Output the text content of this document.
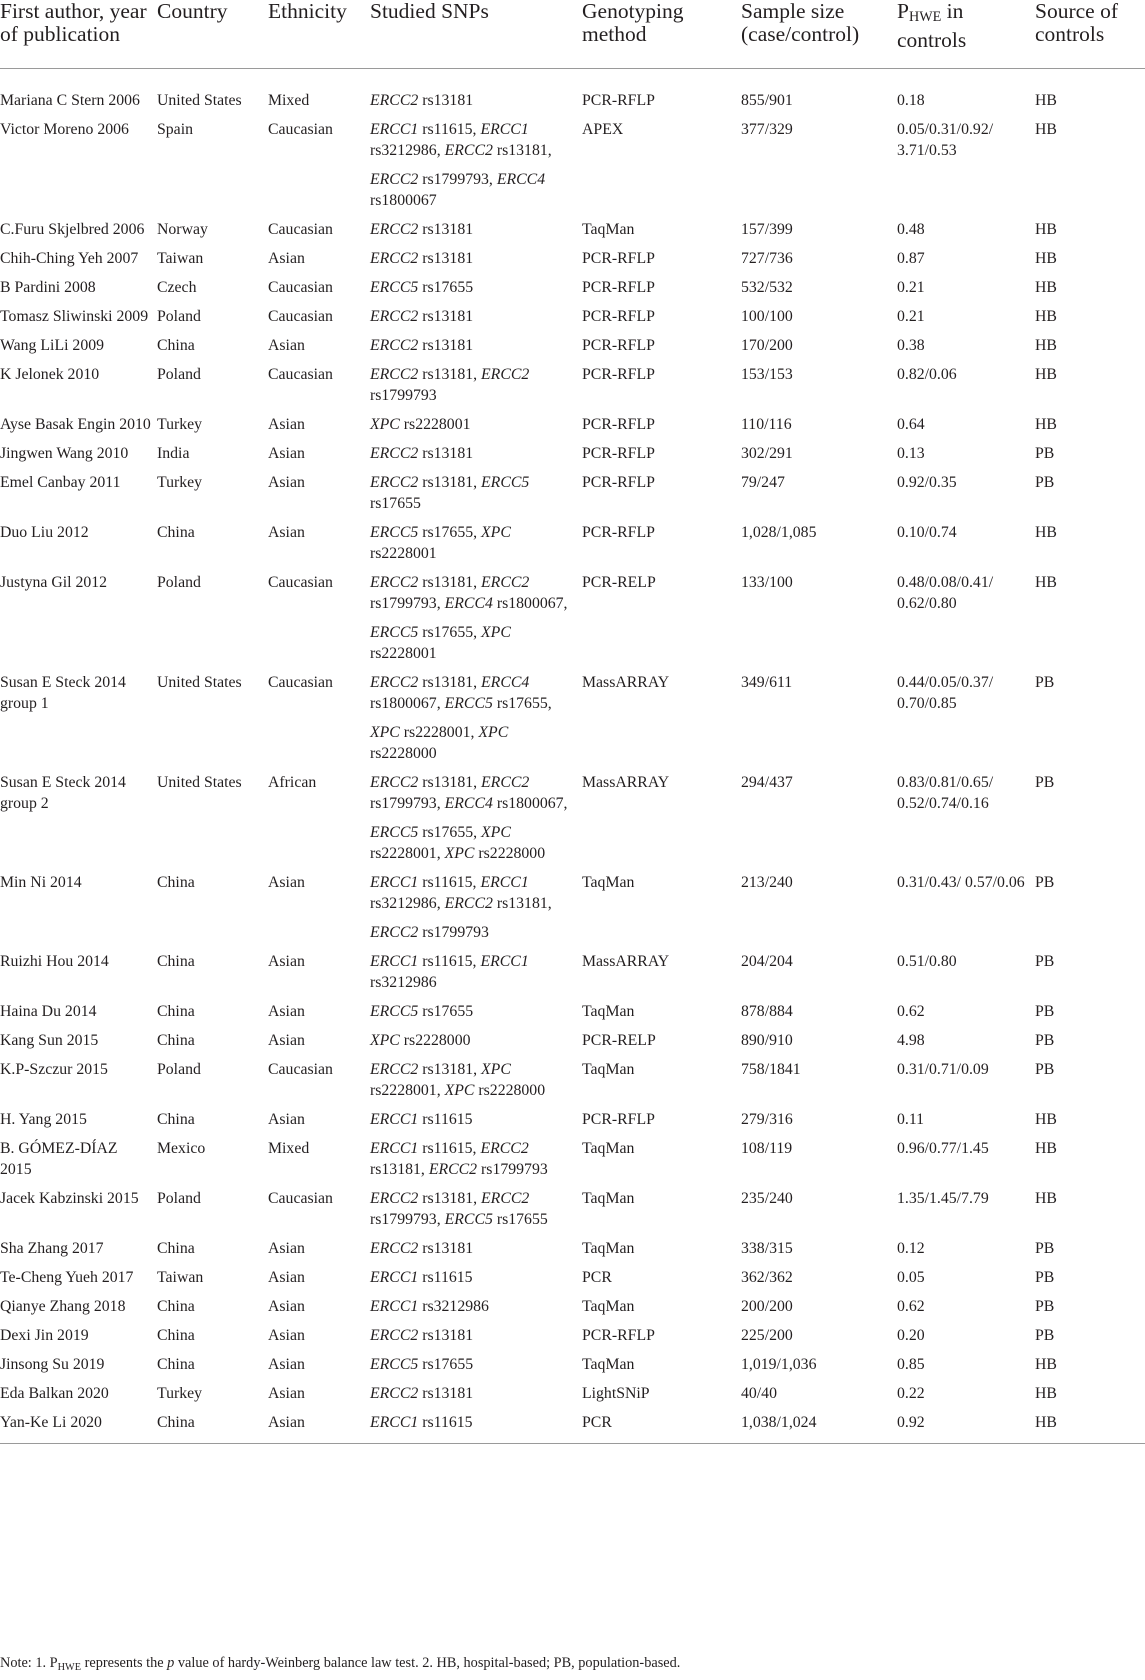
First author, year of publication	Country	Ethnicity	Studied SNPs	Genotyping method	Sample size (case/control)	$P_{HWE}$ in controls	Source of controls
Mariana C Stern 2006	United States	Mixed	ERCC2 rs13181	PCR-RFLP	855/901	0.18	HB
Victor Moreno 2006	Spain	Caucasian	ERCC1 rs11615, ERCC1 rs3212986, ERCC2 rs13181,
ERCC2 rs1799793, ERCC4 rs1800067	APEX	377/329	0.05/0.31/0.92/ 3.71/0.53	HB
C.Furu Skjelbred 2006	Norway	Caucasian	ERCC2 rs13181	TaqMan	157/399	0.48	HB
Chih-Ching Yeh 2007	Taiwan	Asian	ERCC2 rs13181	PCR-RFLP	727/736	0.87	HB
B Pardini 2008	Czech	Caucasian	ERCC5 rs17655	PCR-RFLP	532/532	0.21	HB
Tomasz Sliwinski 2009	Poland	Caucasian	ERCC2 rs13181	PCR-RFLP	100/100	0.21	HB
Wang LiLi 2009	China	Asian	ERCC2 rs13181	PCR-RFLP	170/200	0.38	HB
K Jelonek 2010	Poland	Caucasian	ERCC2 rs13181, ERCC2 rs1799793	PCR-RFLP	153/153	0.82/0.06	HB
Ayse Basak Engin 2010	Turkey	Asian	XPC rs2228001	PCR-RFLP	110/116	0.64	HB
Jingwen Wang 2010	India	Asian	ERCC2 rs13181	PCR-RFLP	302/291	0.13	PB
Emel Canbay 2011	Turkey	Asian	ERCC2 rs13181, ERCC5 rs17655	PCR-RFLP	79/247	0.92/0.35	PB
Duo Liu 2012	China	Asian	ERCC5 rs17655, XPC rs2228001	PCR-RFLP	1,028/1,085	0.10/0.74	HB
Justyna Gil 2012	Poland	Caucasian	ERCC2 rs13181, ERCC2 rs1799793, ERCC4 rs1800067,
ERCC5 rs17655, XPC rs2228001	PCR-RELP	133/100	0.48/0.08/0.41/ 0.62/0.80	HB
Susan E Steck 2014 group 1	United States	Caucasian	ERCC2 rs13181, ERCC4 rs1800067, ERCC5 rs17655,
XPC rs2228001, XPC rs2228000	MassARRAY	349/611	0.44/0.05/0.37/ 0.70/0.85	PB
Susan E Steck 2014 group 2	United States	African	ERCC2 rs13181, ERCC2 rs1799793, ERCC4 rs1800067,
ERCC5 rs17655, XPC rs2228001, XPC rs2228000	MassARRAY	294/437	0.83/0.81/0.65/ 0.52/0.74/0.16	PB
Min Ni 2014	China	Asian	ERCC1 rs11615, ERCC1 rs3212986, ERCC2 rs13181,
ERCC2 rs1799793	TaqMan	213/240	0.31/0.43/ 0.57/0.06	PB
Ruizhi Hou 2014	China	Asian	ERCC1 rs11615, ERCC1 rs3212986	MassARRAY	204/204	0.51/0.80	PB
Haina Du 2014	China	Asian	ERCC5 rs17655	TaqMan	878/884	0.62	PB
Kang Sun 2015	China	Asian	XPC rs2228000	PCR-RELP	890/910	4.98	PB
K.P-Szczur 2015	Poland	Caucasian	ERCC2 rs13181, XPC rs2228001, XPC rs2228000	TaqMan	758/1841	0.31/0.71/0.09	PB
H. Yang 2015	China	Asian	ERCC1 rs11615	PCR-RFLP	279/316	0.11	HB
B. GÓMEZ-DÍAZ 2015	Mexico	Mixed	ERCC1 rs11615, ERCC2 rs13181, ERCC2 rs1799793	TaqMan	108/119	0.96/0.77/1.45	HB
Jacek Kabzinski 2015	Poland	Caucasian	ERCC2 rs13181, ERCC2 rs1799793, ERCC5 rs17655	TaqMan	235/240	1.35/1.45/7.79	HB
Sha Zhang 2017	China	Asian	ERCC2 rs13181	TaqMan	338/315	0.12	PB
Te-Cheng Yueh 2017	Taiwan	Asian	ERCC1 rs11615	PCR	362/362	0.05	PB
Qianye Zhang 2018	China	Asian	ERCC1 rs3212986	TaqMan	200/200	0.62	PB
Dexi Jin 2019	China	Asian	ERCC2 rs13181	PCR-RFLP	225/200	0.20	PB
Jinsong Su 2019	China	Asian	ERCC5 rs17655	TaqMan	1,019/1,036	0.85	HB
Eda Balkan 2020	Turkey	Asian	ERCC2 rs13181	LightSNiP	40/40	0.22	HB
Yan-Ke Li 2020	China	Asian	ERCC1 rs11615	PCR	1,038/1,024	0.92	HB
Note: 1. $P_{HWE}$ represents the p value of hardy-Weinberg balance law test. 2. HB, hospital-based; PB, population-based.
